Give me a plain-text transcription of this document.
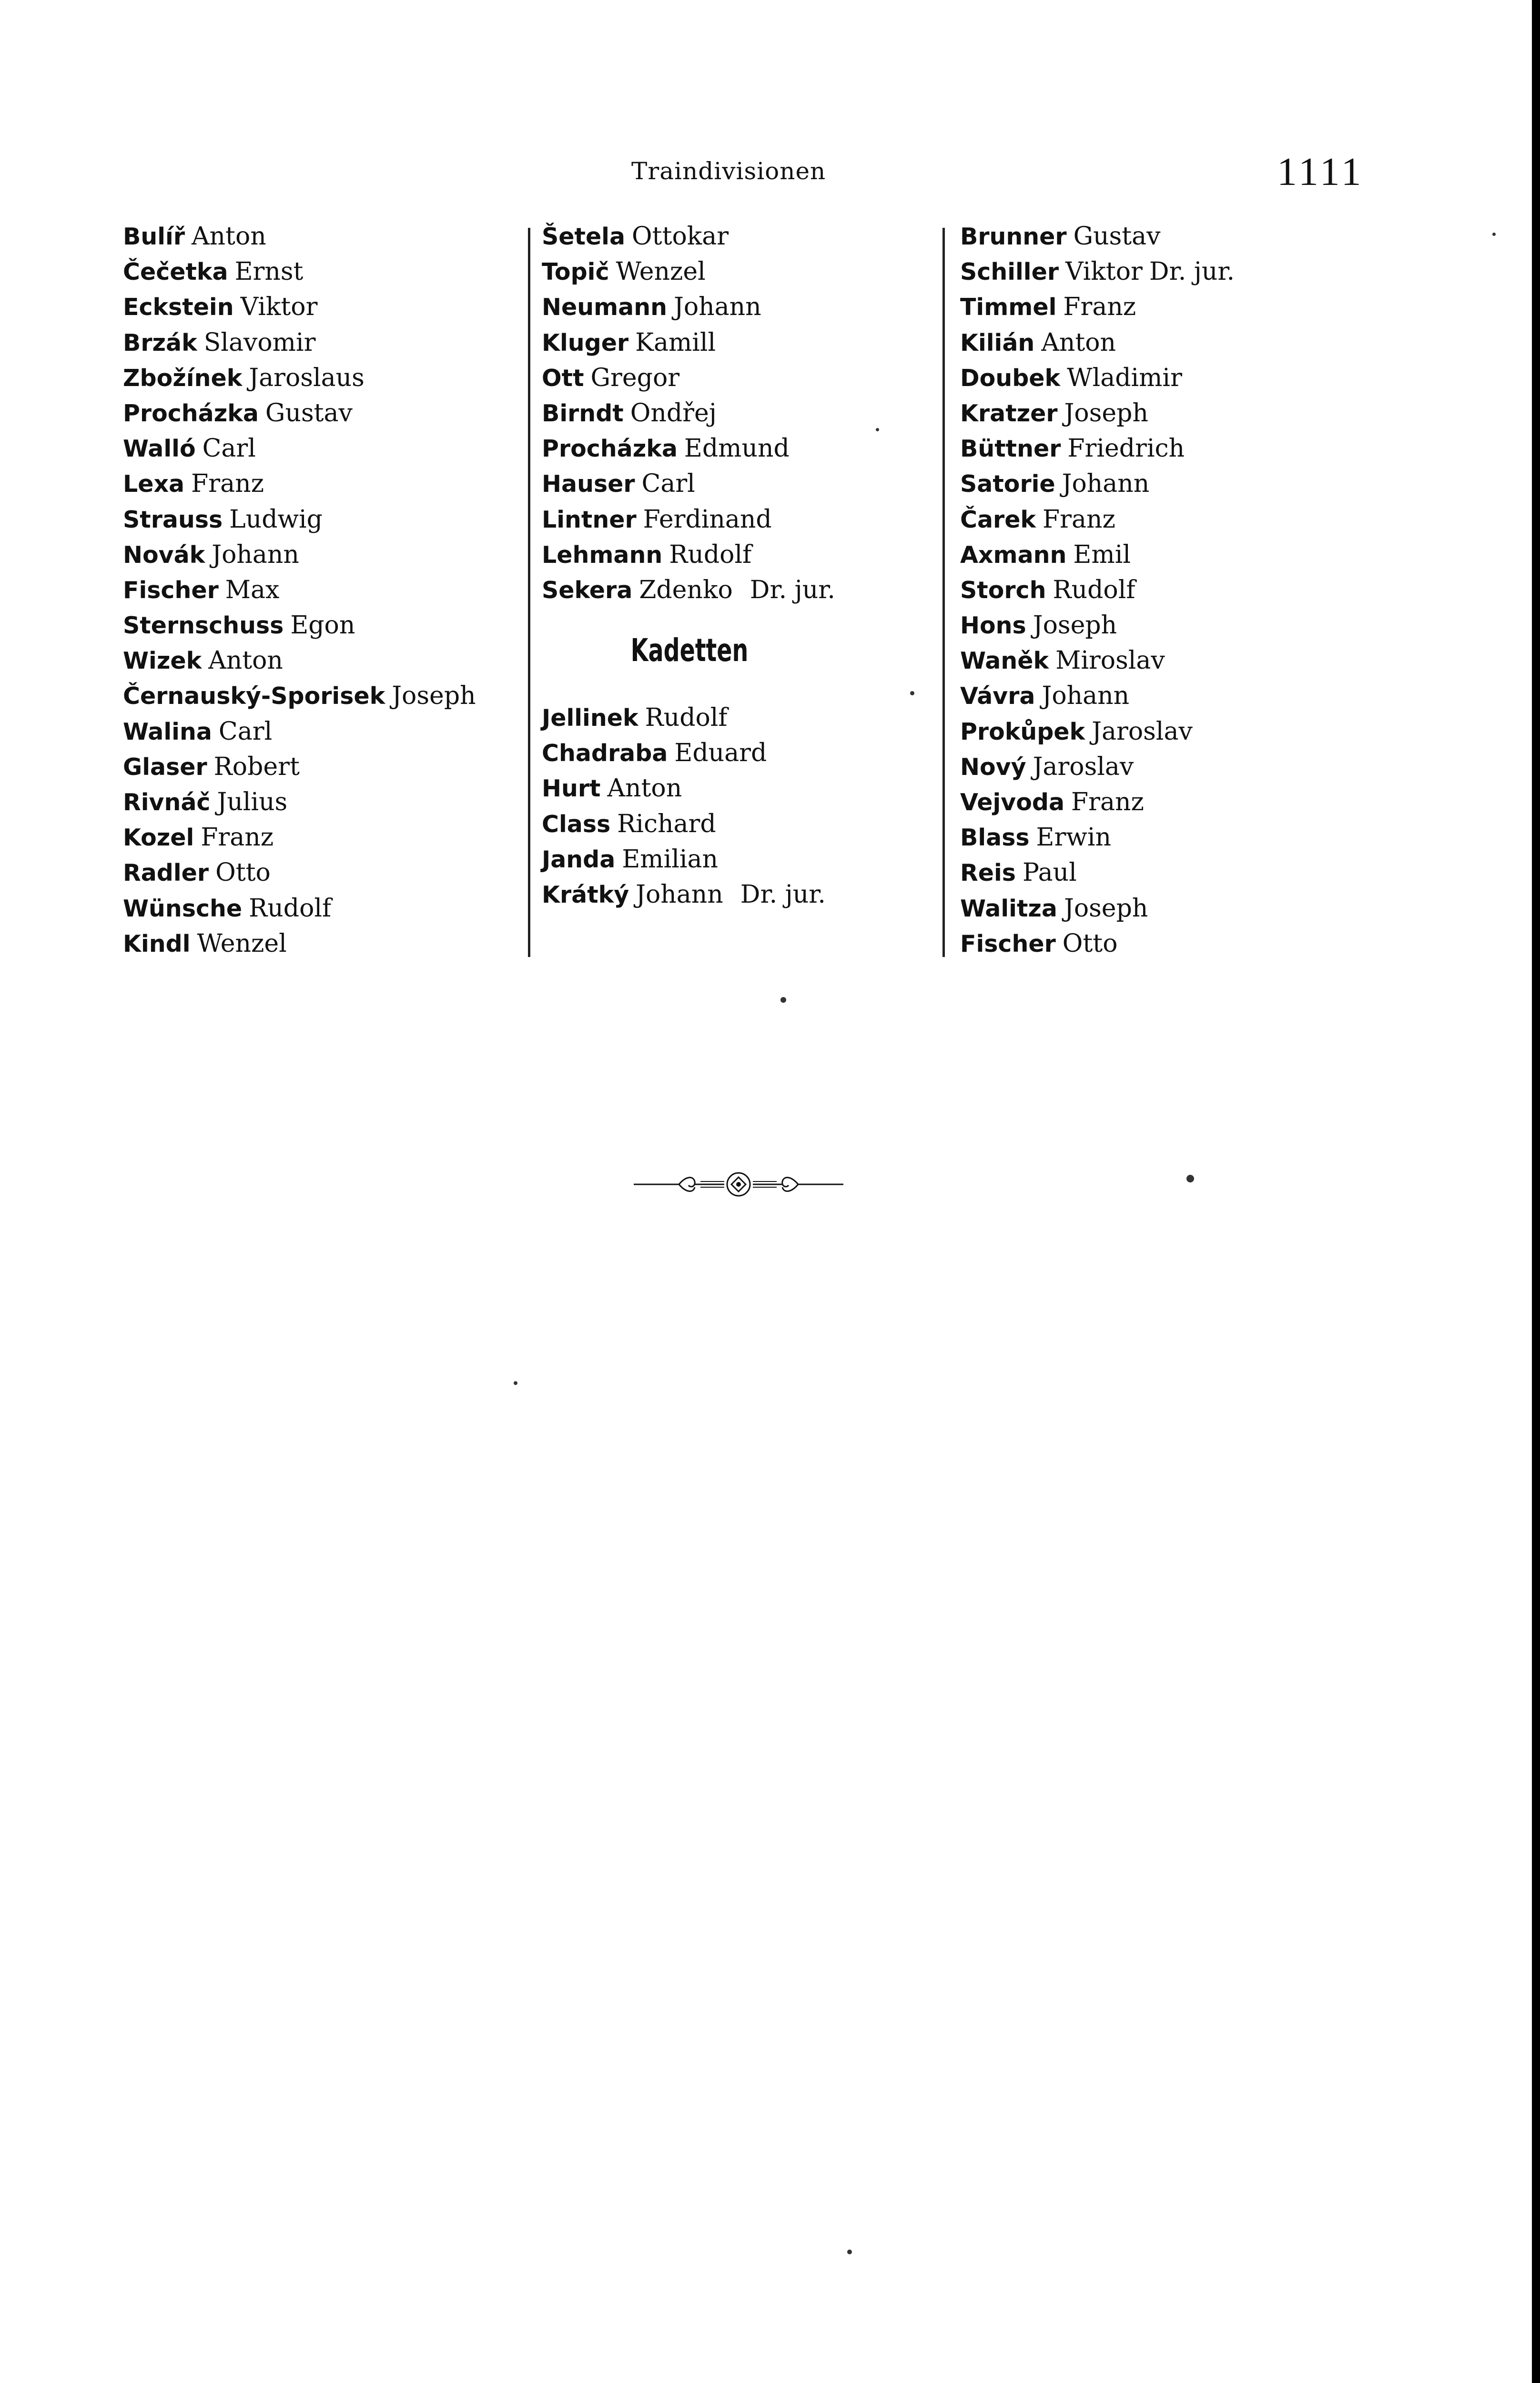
Traindivisionen	1111
Bulíř Anton
Čečetka Ernst
Eckstein Viktor
Brzák Slavomir
Zbožínek Jaroslaus
Procházka Gustav
Walló Carl
Lexa Franz
Strauss Ludwig
Novák Johann
Fischer Max
Sternschuss Egon
Wizek Anton
Černauský-Sporisek Joseph
Walina Carl
Glaser Robert
Rivnáč Julius
Kozel Franz
Radler Otto
Wünsche Rudolf
Kindl Wenzel
Šetela Ottokar
Topič Wenzel
Neumann Johann
Kluger Kamill
Ott Gregor
Birndt Ondřej
Procházka Edmund
Hauser Carl
Lintner Ferdinand
Lehmann Rudolf
Sekera Zdenko Dr. jur.
Kadetten
Jellinek Rudolf
Chadraba Eduard
Hurt Anton
Class Richard
Janda Emilian
Krátký Johann Dr. jur.
Brunner Gustav
Schiller Viktor Dr. jur.
Timmel Franz
Kilián Anton
Doubek Wladimir
Kratzer Joseph
Büttner Friedrich
Satorie Johann
Čarek Franz
Axmann Emil
Storch Rudolf
Hons Joseph
Waněk Miroslav
Vávra Johann
Prokůpek Jaroslav
Nový Jaroslav
Vejvoda Franz
Blass Erwin
Reis Paul
Walitza Joseph
Fischer Otto
